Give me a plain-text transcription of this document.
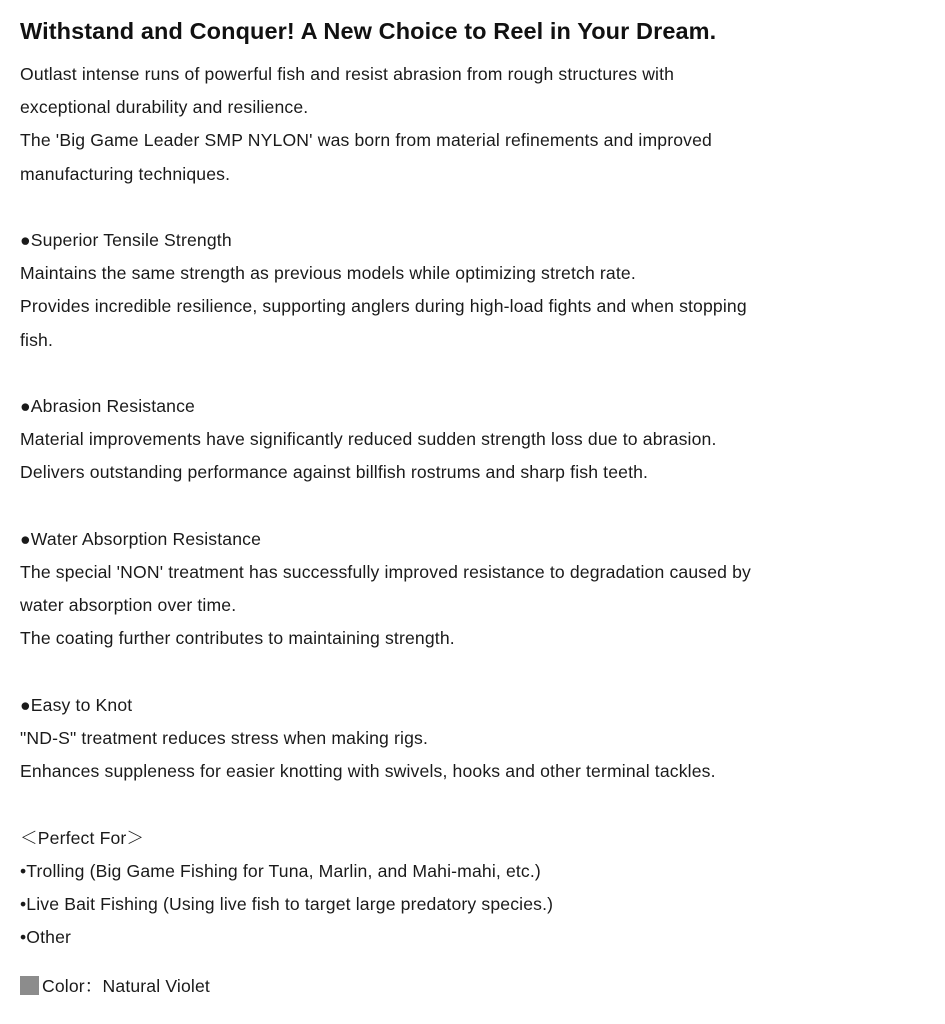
Withstand and Conquer! A New Choice to Reel in Your Dream.
Outlast intense runs of powerful fish and resist abrasion from rough structures with
exceptional durability and resilience.
The 'Big Game Leader SMP NYLON' was born from material refinements and improved
manufacturing techniques.
●Superior Tensile Strength
Maintains the same strength as previous models while optimizing stretch rate.
Provides incredible resilience, supporting anglers during high-load fights and when stopping
fish.
●Abrasion Resistance
Material improvements have significantly reduced sudden strength loss due to abrasion.
Delivers outstanding performance against billfish rostrums and sharp fish teeth.
●Water Absorption Resistance
The special 'NON' treatment has successfully improved resistance to degradation caused by
water absorption over time.
The coating further contributes to maintaining strength.
●Easy to Knot
"ND-S" treatment reduces stress when making rigs.
Enhances suppleness for easier knotting with swivels, hooks and other terminal tackles.
＜Perfect For＞
•Trolling (Big Game Fishing for Tuna, Marlin, and Mahi-mahi, etc.)
•Live Bait Fishing (Using live fish to target large predatory species.)
•Other
Color：Natural Violet
